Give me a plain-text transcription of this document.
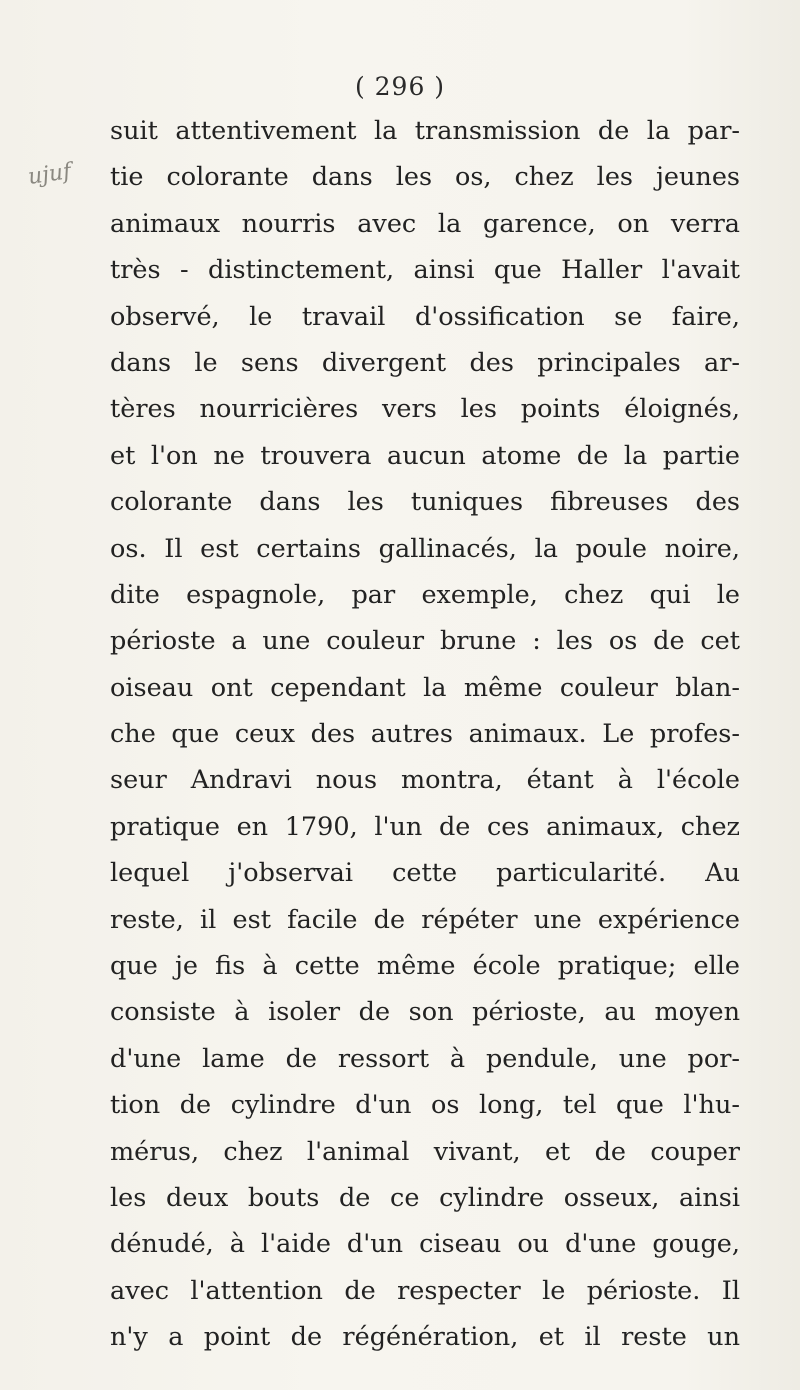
( 296 )
ujuf
suit attentivement la transmission de la par-
tie colorante dans les os, chez les jeunes
animaux nourris avec la garence, on verra
très - distinctement, ainsi que Haller l'avait
observé, le travail d'ossification se faire,
dans le sens divergent des principales ar-
tères nourricières vers les points éloignés,
et l'on ne trouvera aucun atome de la partie
colorante dans les tuniques fibreuses des
os. Il est certains gallinacés, la poule noire,
dite espagnole, par exemple, chez qui le
périoste a une couleur brune : les os de cet
oiseau ont cependant la même couleur blan-
che que ceux des autres animaux. Le profes-
seur Andravi nous montra, étant à l'école
pratique en 1790, l'un de ces animaux, chez
lequel j'observai cette particularité. Au
reste, il est facile de répéter une expérience
que je fis à cette même école pratique; elle
consiste à isoler de son périoste, au moyen
d'une lame de ressort à pendule, une por-
tion de cylindre d'un os long, tel que l'hu-
mérus, chez l'animal vivant, et de couper
les deux bouts de ce cylindre osseux, ainsi
dénudé, à l'aide d'un ciseau ou d'une gouge,
avec l'attention de respecter le périoste. Il
n'y a point de régénération, et il reste un
